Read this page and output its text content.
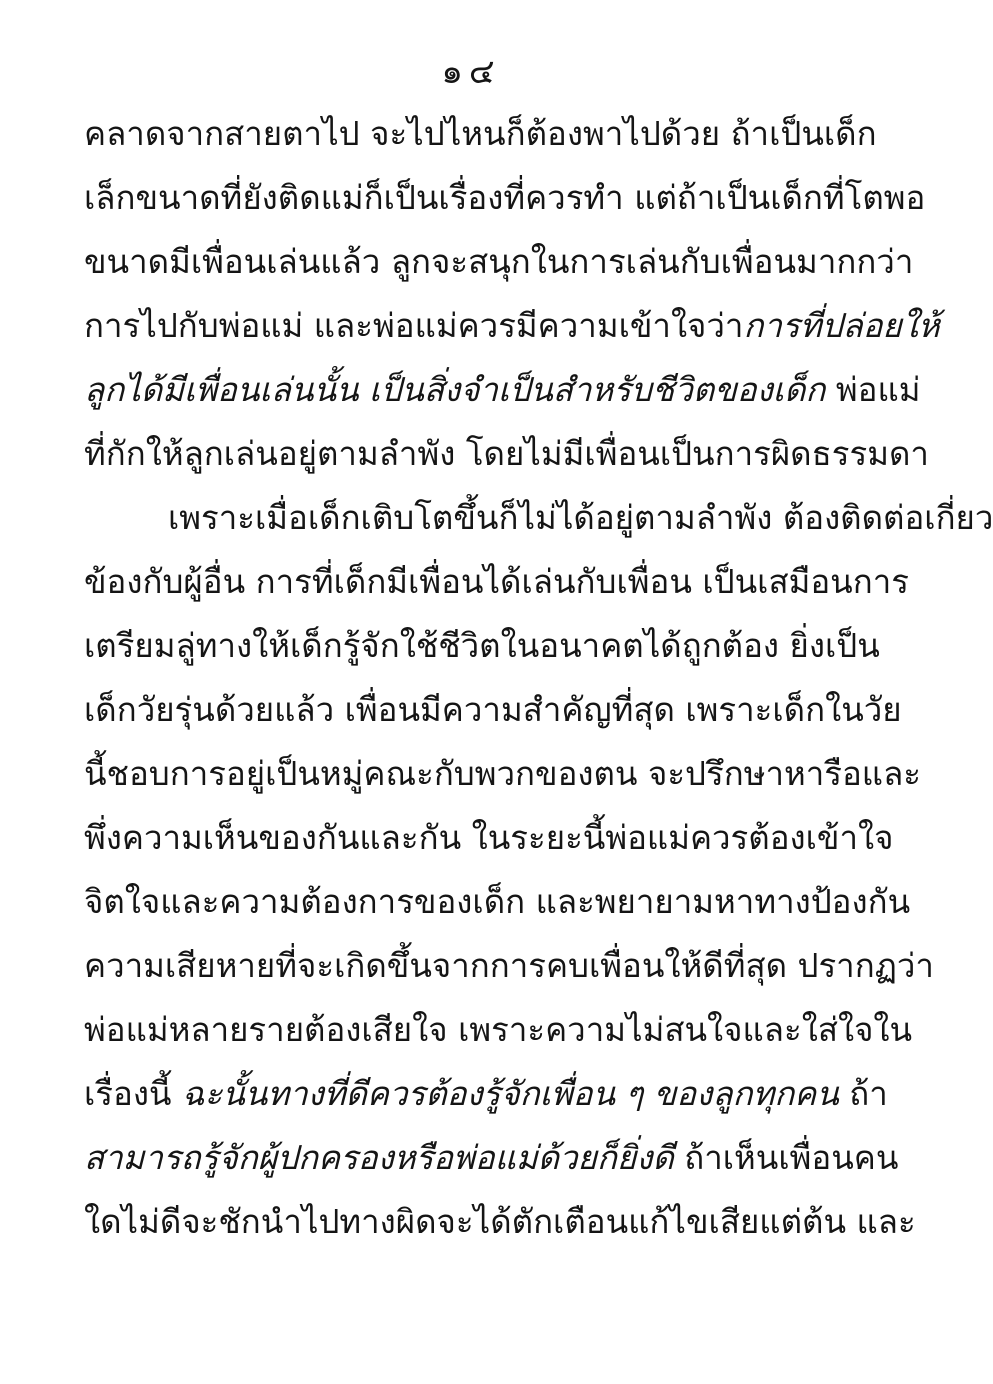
๑๔
คลาดจากสายตาไป จะไปไหนก็ต้องพาไปด้วย ถ้าเป็นเด็ก
เล็กขนาดที่ยังติดแม่ก็เป็นเรื่องที่ควรทำ แต่ถ้าเป็นเด็กที่โตพอ
ขนาดมีเพื่อนเล่นแล้ว ลูกจะสนุกในการเล่นกับเพื่อนมากกว่า
การไปกับพ่อแม่ และพ่อแม่ควรมีความเข้าใจว่าการที่ปล่อยให้
ลูกได้มีเพื่อนเล่นนั้น เป็นสิ่งจำเป็นสำหรับชีวิตของเด็ก พ่อแม่
ที่กักให้ลูกเล่นอยู่ตามลำพัง โดยไม่มีเพื่อนเป็นการผิดธรรมดา
เพราะเมื่อเด็กเติบโตขึ้นก็ไม่ได้อยู่ตามลำพัง ต้องติดต่อเกี่ยว
ข้องกับผู้อื่น การที่เด็กมีเพื่อนได้เล่นกับเพื่อน เป็นเสมือนการ
เตรียมลู่ทางให้เด็กรู้จักใช้ชีวิตในอนาคตได้ถูกต้อง ยิ่งเป็น
เด็กวัยรุ่นด้วยแล้ว เพื่อนมีความสำคัญที่สุด เพราะเด็กในวัย
นี้ชอบการอยู่เป็นหมู่คณะกับพวกของตน จะปรึกษาหารือและ
พึ่งความเห็นของกันและกัน ในระยะนี้พ่อแม่ควรต้องเข้าใจ
จิตใจและความต้องการของเด็ก และพยายามหาทางป้องกัน
ความเสียหายที่จะเกิดขึ้นจากการคบเพื่อนให้ดีที่สุด ปรากฏว่า
พ่อแม่หลายรายต้องเสียใจ เพราะความไม่สนใจและใส่ใจใน
เรื่องนี้ ฉะนั้นทางที่ดีควรต้องรู้จักเพื่อน ๆ ของลูกทุกคน ถ้า
สามารถรู้จักผู้ปกครองหรือพ่อแม่ด้วยก็ยิ่งดี ถ้าเห็นเพื่อนคน
ใดไม่ดีจะชักนำไปทางผิดจะได้ตักเตือนแก้ไขเสียแต่ต้น และ
